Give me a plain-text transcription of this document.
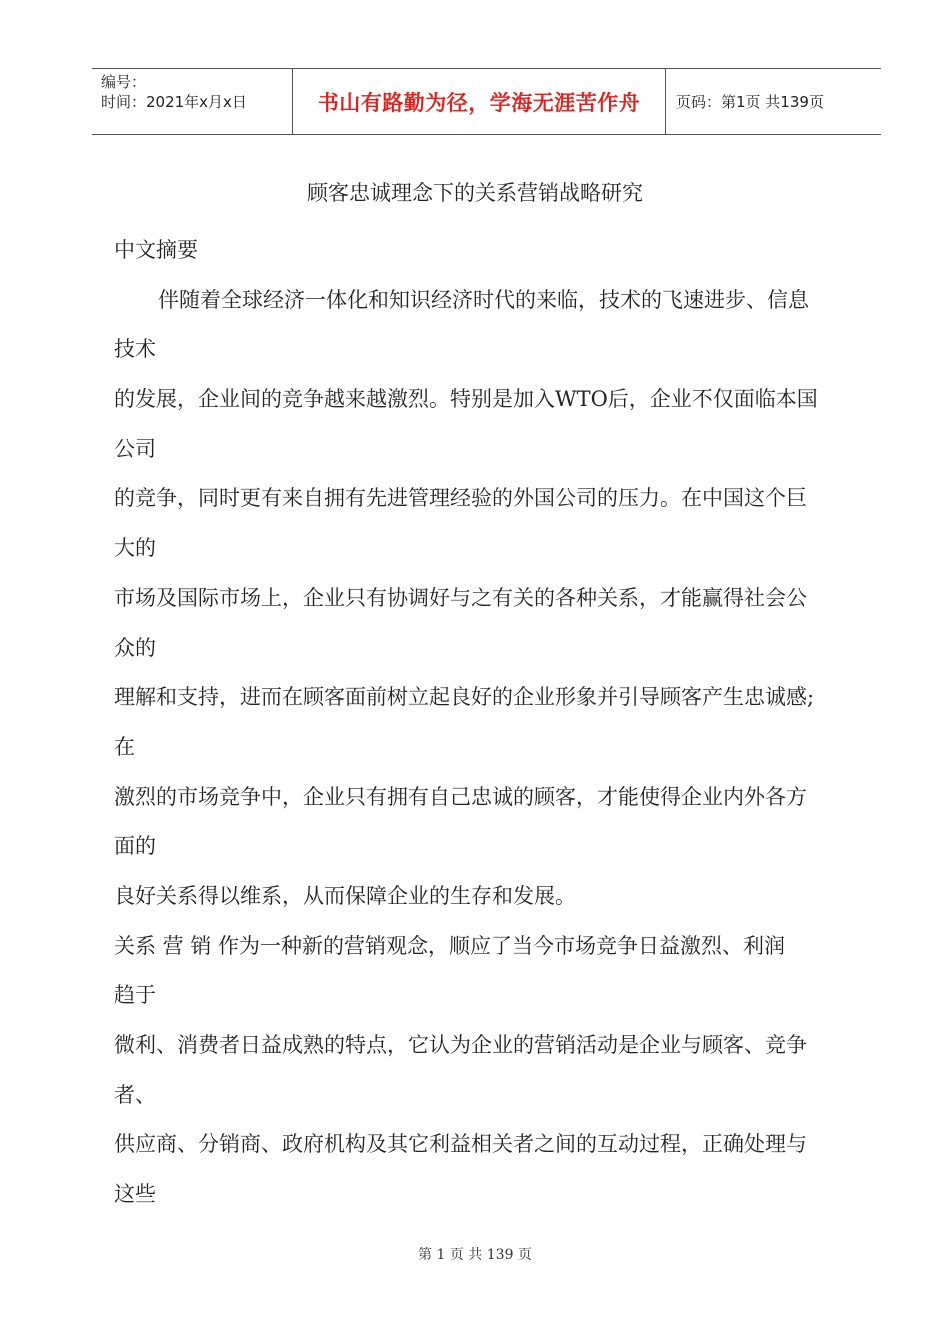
编号：
时间：2021年x月x日	书山有路勤为径，学海无涯苦作舟	页码：第1页 共139页
顾客忠诚理念下的关系营销战略研究
中文摘要
伴随着全球经济一体化和知识经济时代的来临，技术的飞速进步、信息
技术
的发展，企业间的竞争越来越激烈。特别是加入WTO后，企业不仅面临本国
公司
的竞争，同时更有来自拥有先进管理经验的外国公司的压力。在中国这个巨
大的
市场及国际市场上，企业只有协调好与之有关的各种关系，才能赢得社会公
众的
理解和支持，进而在顾客面前树立起良好的企业形象并引导顾客产生忠诚感;
在
激烈的市场竞争中，企业只有拥有自己忠诚的顾客，才能使得企业内外各方
面的
良好关系得以维系，从而保障企业的生存和发展。
关系 营 销 作为一种新的营销观念，顺应了当今市场竞争日益激烈、利润
趋于
微利、消费者日益成熟的特点，它认为企业的营销活动是企业与顾客、竞争
者、
供应商、分销商、政府机构及其它利益相关者之间的互动过程，正确处理与
这些
第 1 页 共 139 页
